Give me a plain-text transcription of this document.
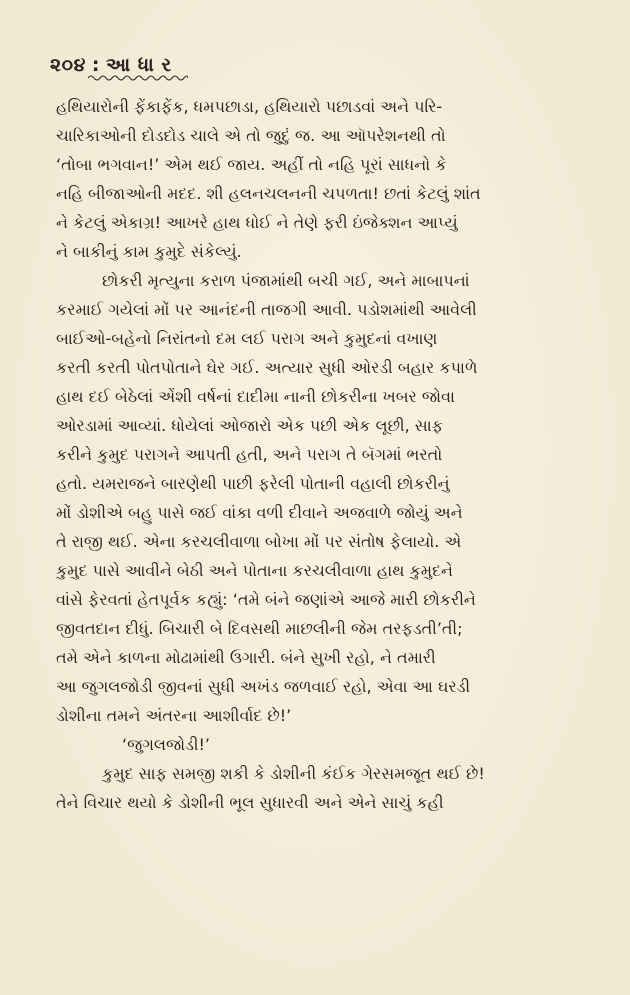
૨૦૪ : આ ધા ર
હથિયારોની ફેંકાફેંક, ધમપછાડા, હથિયારો પછાડવાં અને પરિ-
ચારિકાઓની દોડદોડ ચાલે એ તો જુદું જ. આ ઑપરેશનથી તો
‘તોબા ભગવાન!’ એમ થઈ જાય. અહીં તો નહિ પૂરાં સાધનો કે
નહિ બીજાઓની મદદ. શી હલનચલનની ચપળતા! છતાં કેટલું શાંત
ને કેટલું એકાગ્ર! આખરે હાથ ધોઈ ને તેણે ફરી ઇંજેક્શન આપ્યું
ને બાકીનું કામ કુમુદે સંકેલ્યું.
છોકરી મૃત્યુના કરાળ પંજામાંથી બચી ગઈ, અને માબાપનાં
કરમાઈ ગયેલાં મોં પર આનંદની તાજગી આવી. પડોશમાંથી આવેલી
બાઈઓ-બહેનો નિરાંતનો દમ લઈ પરાગ અને કુમુદનાં વખાણ
કરતી કરતી પોતપોતાને ઘેર ગઈ. અત્યાર સુધી ઓરડી બહાર કપાળે
હાથ દઈ બેઠેલાં એંશી વર્ષનાં દાદીમા નાની છોકરીના ખબર જોવા
ઓરડામાં આવ્યાં. ધોયેલાં ઓજારો એક પછી એક લૂછી, સાફ
કરીને કુમુદ પરાગને આપતી હતી, અને પરાગ તે બૅગમાં ભરતો
હતો. યમરાજને બારણેથી પાછી ફરેલી પોતાની વહાલી છોકરીનું
મોં ડોશીએ બહુ પાસે જઈ વાંકા વળી દીવાને અજવાળે જોયું અને
તે રાજી થઈ. એના કરચલીવાળા બોખા મોં પર સંતોષ ફેલાયો. એ
કુમુદ પાસે આવીને બેઠી અને પોતાના કરચલીવાળા હાથ કુમુદને
વાંસે ફેરવતાં હેતપૂર્વક કહ્યું: ‘તમે બંને જણાંએ આજે મારી છોકરીને
જીવતદાન દીધું. બિચારી બે દિવસથી માછલીની જેમ તરફડતી’તી;
તમે એને કાળના મોઢામાંથી ઉગારી. બંને સુખી રહો, ને તમારી
આ જુગલજોડી જીવનાં સુધી અખંડ જળવાઈ રહો, એવા આ ઘરડી
ડોશીના તમને અંતરના આશીર્વાદ છે!’
‘જુગલજોડી!’
કુમુદ સાફ સમજી શકી કે ડોશીની કંઈક ગેરસમજૂત થઈ છે!
તેને વિચાર થયો કે ડોશીની ભૂલ સુધારવી અને એને સાચું કહી
